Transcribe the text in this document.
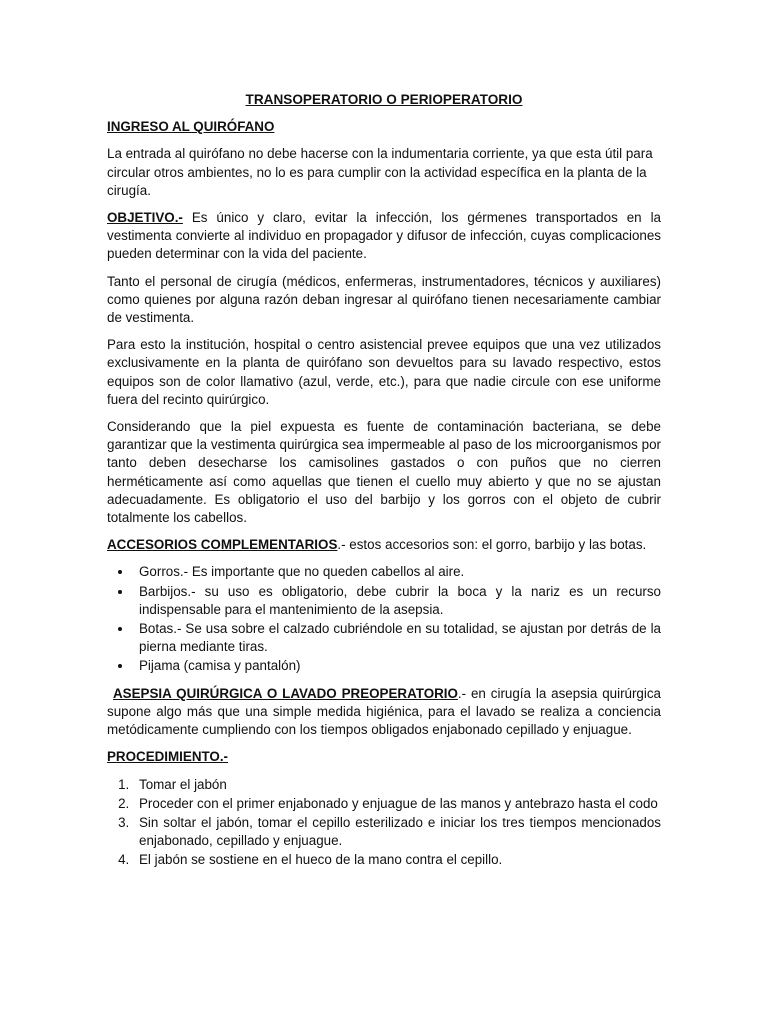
TRANSOPERATORIO O PERIOPERATORIO
INGRESO AL QUIRÓFANO

La entrada al quirófano no debe hacerse con la indumentaria corriente, ya que esta útil para circular otros ambientes, no lo es para cumplir con la actividad específica en la planta de la cirugía.

OBJETIVO.- Es único y claro, evitar la infección, los gérmenes transportados en la vestimenta convierte al individuo en propagador y difusor de infección, cuyas complicaciones pueden determinar con la vida del paciente.

Tanto el personal de cirugía (médicos, enfermeras, instrumentadores, técnicos y auxiliares) como quienes por alguna razón deban ingresar al quirófano tienen necesariamente cambiar de vestimenta.

Para esto la institución, hospital o centro asistencial prevee equipos que una vez utilizados exclusivamente en la planta de quirófano son devueltos para su lavado respectivo, estos equipos son de color llamativo (azul, verde, etc.), para que nadie circule con ese uniforme fuera del recinto quirúrgico.

Considerando que la piel expuesta es fuente de contaminación bacteriana, se debe garantizar que la vestimenta quirúrgica sea impermeable al paso de los microorganismos por tanto deben desecharse los camisolines gastados o con puños que no cierren herméticamente así como aquellas que tienen el cuello muy abierto y que no se ajustan adecuadamente. Es obligatorio el uso del barbijo y los gorros con el objeto de cubrir totalmente los cabellos.

ACCESORIOS COMPLEMENTARIOS.- estos accesorios son: el gorro, barbijo y las botas.

• Gorros.- Es importante que no queden cabellos al aire.
• Barbijos.- su uso es obligatorio, debe cubrir la boca y la nariz es un recurso indispensable para el mantenimiento de la asepsia.
• Botas.- Se usa sobre el calzado cubriéndole en su totalidad, se ajustan por detrás de la pierna mediante tiras.
• Pijama (camisa y pantalón)

ASEPSIA QUIRÚRGICA O LAVADO PREOPERATORIO.- en cirugía la asepsia quirúrgica supone algo más que una simple medida higiénica, para el lavado se realiza a conciencia metódicamente cumpliendo con los tiempos obligados enjabonado cepillado y enjuague.

PROCEDIMIENTO.-
1. Tomar el jabón
2. Proceder con el primer enjabonado y enjuague de las manos y antebrazo hasta el codo
3. Sin soltar el jabón, tomar el cepillo esterilizado e iniciar los tres tiempos mencionados enjabonado, cepillado y enjuague.
4. El jabón se sostiene en el hueco de la mano contra el cepillo.
